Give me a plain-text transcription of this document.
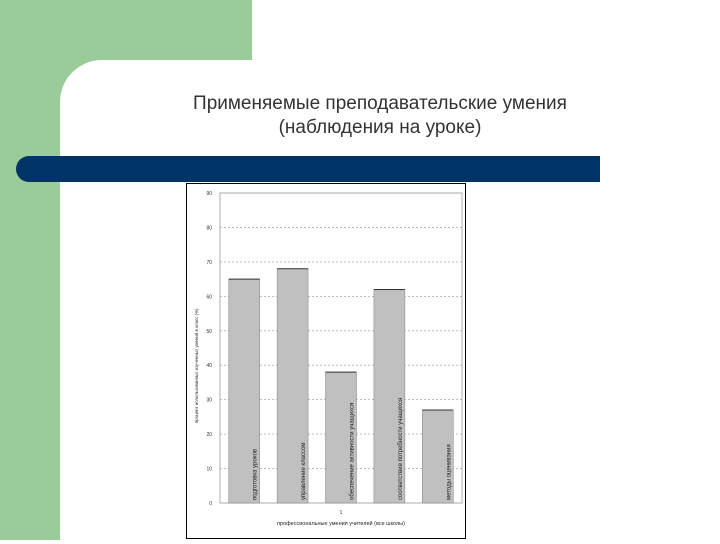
Применяемые преподавательские умения
(наблюдения на уроке)
0
10
20
30
40
50
60
70
80
90
подготовка уроков	управление классом	обеспечение активности учащихся	соответствие потребности учащихся	методы оценивания
процент использованных изученных умений в класс (%)
1
профессиональные умения учителей (все школы)
